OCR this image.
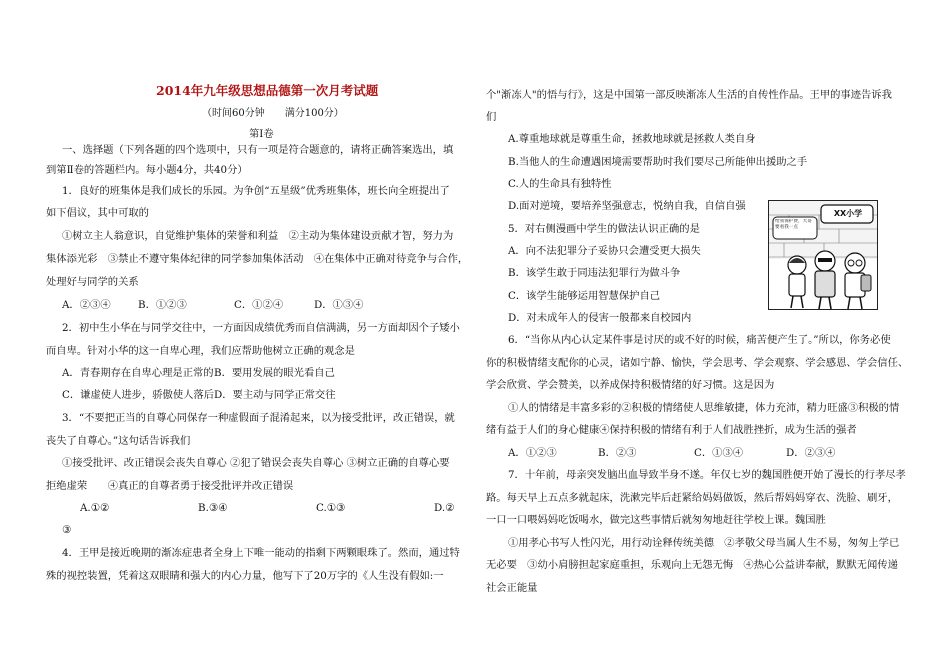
2014年九年级思想品德第一次月考试题
（时间60分钟　　满分100分）
第Ⅰ卷
一、选择题（下列各题的四个选项中，只有一项是符合题意的，请将正确答案选出，填
到第Ⅱ卷的答题栏内。每小题4分，共40分）
1．良好的班集体是我们成长的乐园。为争创“五星级”优秀班集体，班长向全班提出了
如下倡议，其中可取的
①树立主人翁意识，自觉维护集体的荣誉和利益　②主动为集体建设贡献才智，努力为
集体添光彩　③禁止不遵守集体纪律的同学参加集体活动　④在集体中正确对待竞争与合作，
处理好与同学的关系
A．②③④	B．①②③	C．①②④	D．①③④
2．初中生小华在与同学交往中，一方面因成绩优秀而自信满满，另一方面却因个子矮小
而自卑。针对小华的这一自卑心理，我们应帮助他树立正确的观念是
A．青春期存在自卑心理是正常的 B．要用发展的眼光看自己
C．谦虚使人进步，骄傲使人落后 D．要主动与同学正常交往
3．“不要把正当的自尊心同保存一种虚假面子混淆起来，以为接受批评，改正错误，就
丧失了自尊心。”这句话告诉我们
①接受批评、改正错误会丧失自尊心 ②犯了错误会丧失自尊心 ③树立正确的自尊心要
拒绝虚荣　　④真正的自尊者勇于接受批评并改正错误
A.①②	B.③④	C.①③	D.②
③
4．王甲是接近晚期的渐冻症患者全身上下唯一能动的指剩下两颗眼珠了。然而，通过特
殊的视控装置，凭着这双眼睛和强大的内心力量，他写下了20万字的《人生没有假如:一
个"渐冻人"的悟与行》，这是中国第一部反映渐冻人生活的自传性作品。王甲的事迹告诉我
们
A.尊重地球就是尊重生命，拯救地球就是拯救人类自身
B.当他人的生命遭遇困境需要帮助时我们要尽己所能伸出援助之手
C.人的生命具有独特性
D.面对逆境，要培养坚强意志，悦纳自我，自信自强
5．对右侧漫画中学生的做法认识正确的是
A．向不法犯罪分子妥协只会遭受更大损失
B．该学生敢于同违法犯罪行为做斗争
C．该学生能够运用智慧保护自己
D．对未成年人的侵害一般都来自校园内
6．“当你从内心认定某件事是讨厌的或不好的时候，痛苦便产生了。”所以，你务必使
你的积极情绪支配你的心灵，诸如宁静、愉快，学会思考、学会观察、学会感恩、学会信任、
学会欣赏、学会赞美，以养成保持积极情绪的好习惯。这是因为
①人的情绪是丰富多彩的②积极的情绪使人思维敏捷，体力充沛，精力旺盛③积极的情
绪有益于人们的身心健康④保持积极的情绪有利于人们战胜挫折，成为生活的强者
A．①②③	B．②③	C．①③④	D．②③④
7．十年前，母亲突发脑出血导致半身不遂。年仅七岁的魏国胜便开始了漫长的行孝尽孝
路。每天早上五点多就起床，洗漱完毕后赶紧给妈妈做饭，然后帮妈妈穿衣、洗脸、刷牙，
一口一口喂妈妈吃饭喝水，做完这些事情后就匆匆地赶往学校上课。魏国胜
①用孝心书写人性闪光，用行动诠释传统美德　②孝敬父母当属人生不易，匆匆上学已
无必要　③幼小肩膀担起家庭重担，乐观向上无怨无悔　④热心公益讲奉献，默默无闻传递
社会正能量
XX小学
给我保护费，大哥要看我一点
